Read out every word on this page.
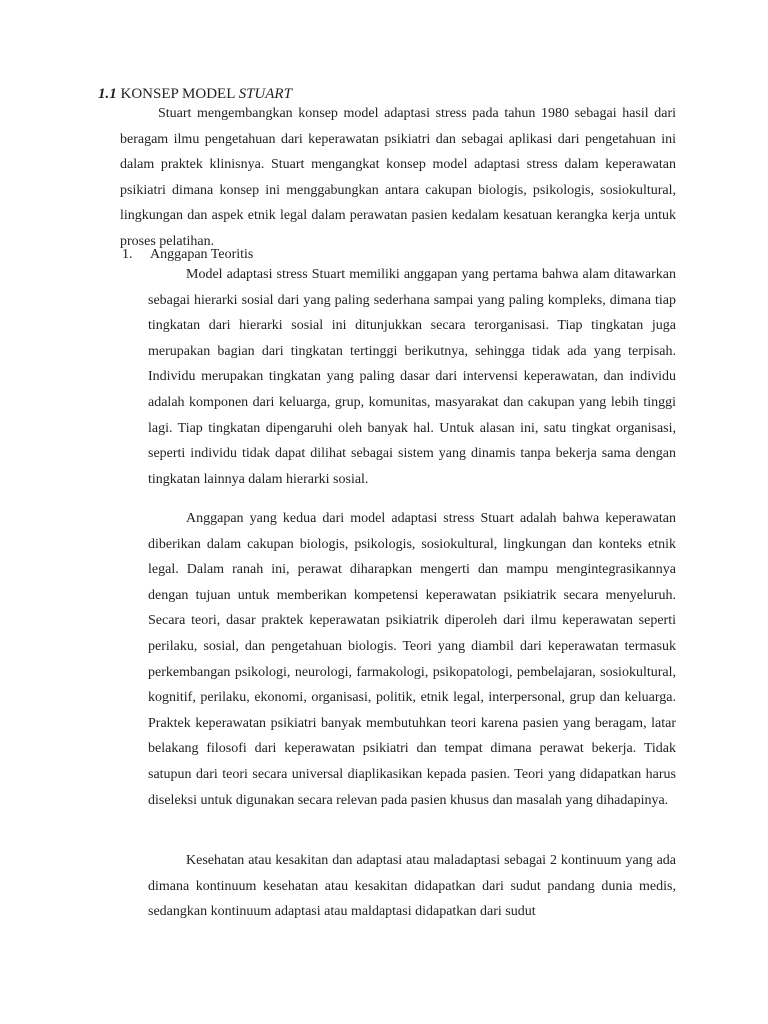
1.1 KONSEP MODEL STUART

Stuart mengembangkan konsep model adaptasi stress pada tahun 1980 sebagai hasil dari beragam ilmu pengetahuan dari keperawatan psikiatri dan sebagai aplikasi dari pengetahuan ini dalam praktek klinisnya. Stuart mengangkat konsep model adaptasi stress dalam keperawatan psikiatri dimana konsep ini menggabungkan antara cakupan biologis, psikologis, sosiokultural, lingkungan dan aspek etnik legal dalam perawatan pasien kedalam kesatuan kerangka kerja untuk proses pelatihan.

1. Anggapan Teoritis

Model adaptasi stress Stuart memiliki anggapan yang pertama bahwa alam ditawarkan sebagai hierarki sosial dari yang paling sederhana sampai yang paling kompleks, dimana tiap tingkatan dari hierarki sosial ini ditunjukkan secara terorganisasi. Tiap tingkatan juga merupakan bagian dari tingkatan tertinggi berikutnya, sehingga tidak ada yang terpisah. Individu merupakan tingkatan yang paling dasar dari intervensi keperawatan, dan individu adalah komponen dari keluarga, grup, komunitas, masyarakat dan cakupan yang lebih tinggi lagi. Tiap tingkatan dipengaruhi oleh banyak hal. Untuk alasan ini, satu tingkat organisasi, seperti individu tidak dapat dilihat sebagai sistem yang dinamis tanpa bekerja sama dengan tingkatan lainnya dalam hierarki sosial.

Anggapan yang kedua dari model adaptasi stress Stuart adalah bahwa keperawatan diberikan dalam cakupan biologis, psikologis, sosiokultural, lingkungan dan konteks etnik legal. Dalam ranah ini, perawat diharapkan mengerti dan mampu mengintegrasikannya dengan tujuan untuk memberikan kompetensi keperawatan psikiatrik secara menyeluruh. Secara teori, dasar praktek keperawatan psikiatrik diperoleh dari ilmu keperawatan seperti perilaku, sosial, dan pengetahuan biologis. Teori yang diambil dari keperawatan termasuk perkembangan psikologi, neurologi, farmakologi, psikopatologi, pembelajaran, sosiokultural, kognitif, perilaku, ekonomi, organisasi, politik, etnik legal, interpersonal, grup dan keluarga. Praktek keperawatan psikiatri banyak membutuhkan teori karena pasien yang beragam, latar belakang filosofi dari keperawatan psikiatri dan tempat dimana perawat bekerja. Tidak satupun dari teori secara universal diaplikasikan kepada pasien. Teori yang didapatkan harus diseleksi untuk digunakan secara relevan pada pasien khusus dan masalah yang dihadapinya.

Kesehatan atau kesakitan dan adaptasi atau maladaptasi sebagai 2 kontinuum yang ada dimana kontinuum kesehatan atau kesakitan didapatkan dari sudut pandang dunia medis, sedangkan kontinuum adaptasi atau maldaptasi didapatkan dari sudut
